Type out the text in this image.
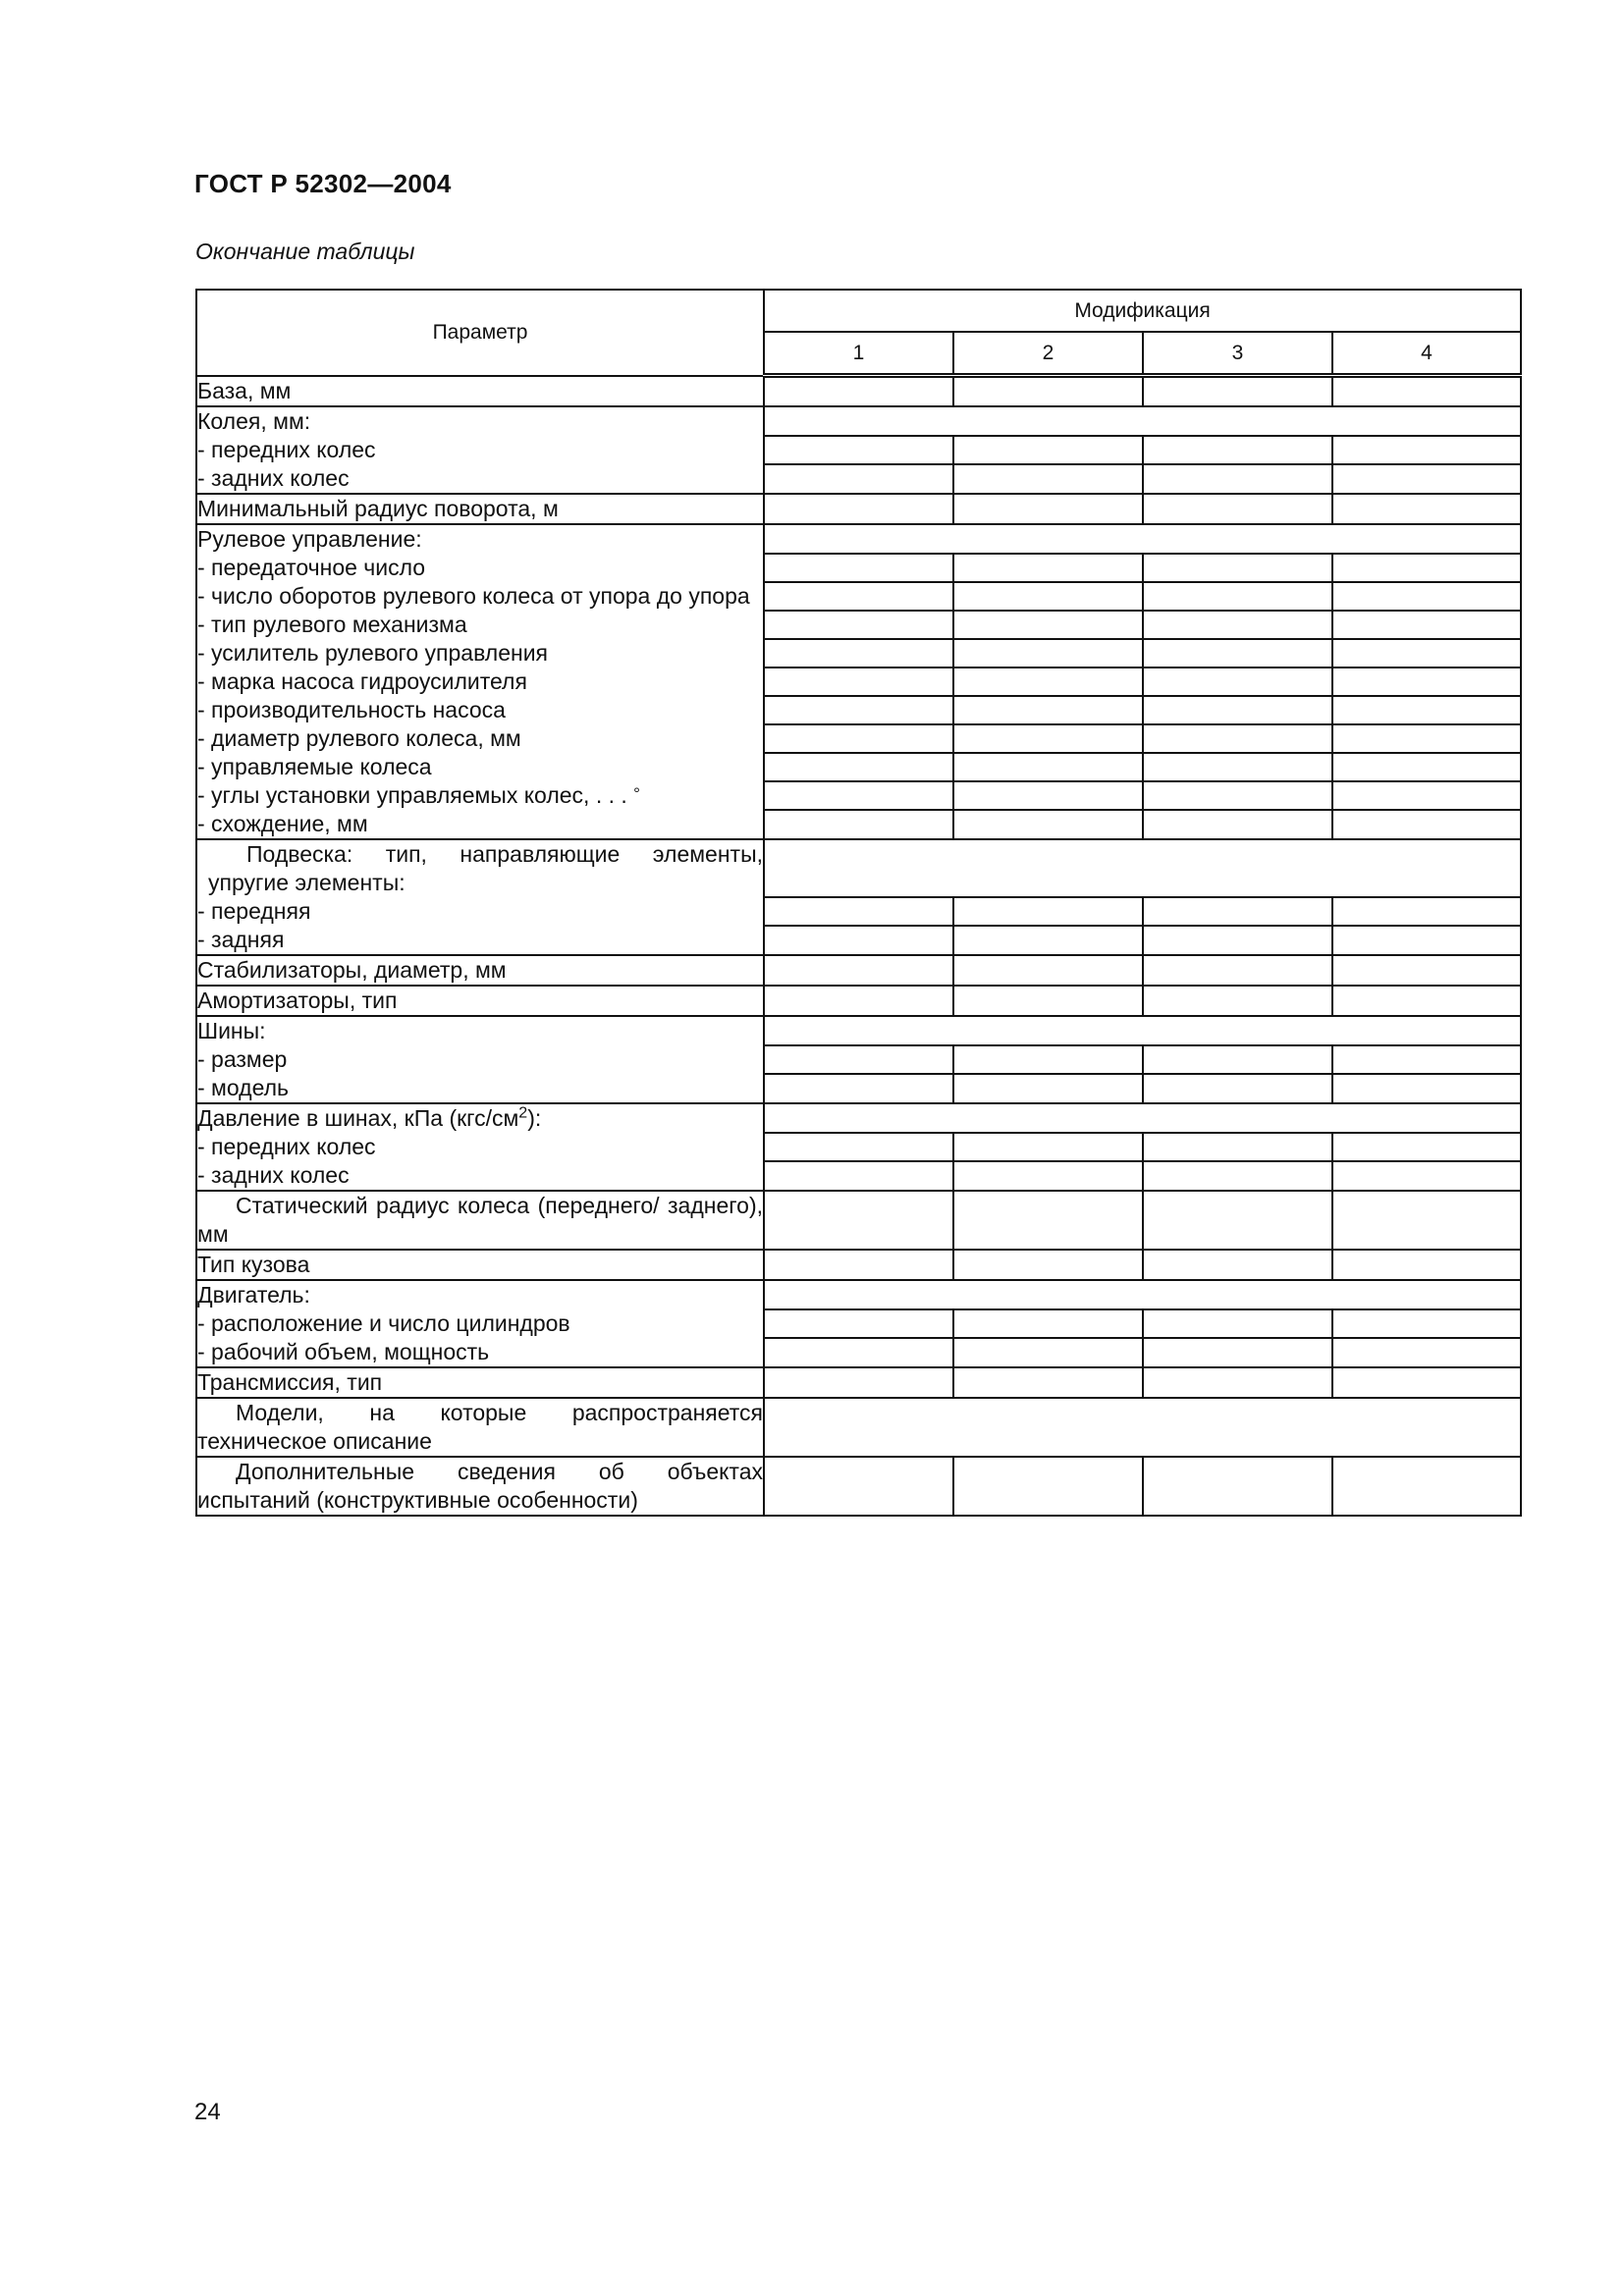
ГОСТ Р 52302—2004
Окончание таблицы
Параметр	Модификация			
	1	2	3	4
База, мм				
Колея, мм:				
- передних колес				
- задних колес				
Минимальный радиус поворота, м				
Рулевое управление:				
- передаточное число				
- число оборотов рулевого колеса от упора до упора				
- тип рулевого механизма				
- усилитель рулевого управления				
- марка насоса гидроусилителя				
- производительность насоса				
- диаметр рулевого колеса, мм				
- управляемые колеса				
- углы установки управляемых колес, . . . °				
- схождение, мм				
Подвеска: тип, направляющие элементы, упругие элементы:				
- передняя				
- задняя				
Стабилизаторы, диаметр, мм				
Амортизаторы, тип				
Шины:				
- размер				
- модель				
Давление в шинах, кПа $(кгс/см^2)$:				
- передних колес				
- задних колес				
Статический радиус колеса (переднего/ заднего), мм				
Тип кузова				
Двигатель:				
- расположение и число цилиндров				
- рабочий объем, мощность				
Трансмиссия, тип				
Модели, на которые распространяется техническое описание				
Дополнительные сведения об объектах испытаний (конструктивные особенности)				
24
